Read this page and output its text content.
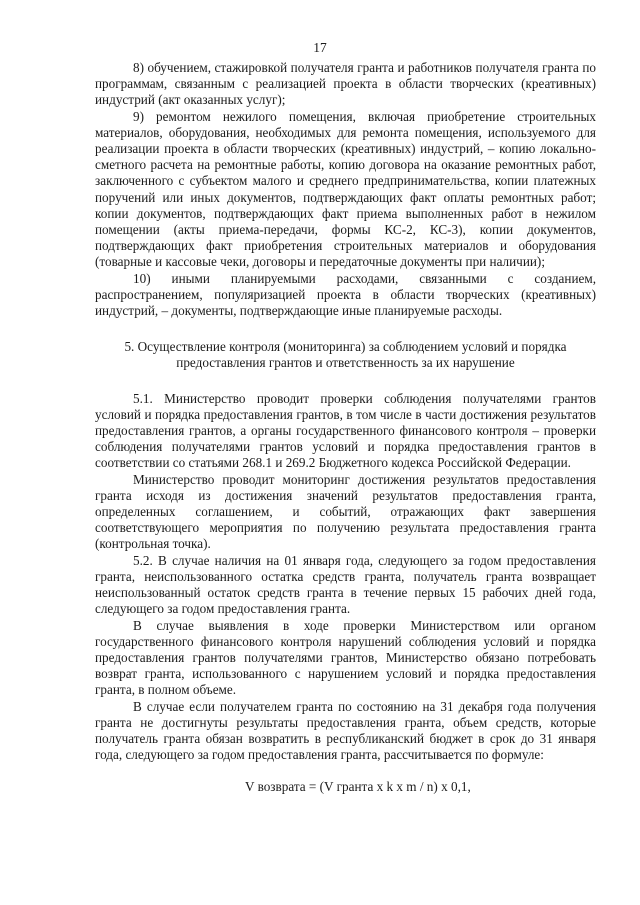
17

8) обучением, стажировкой получателя гранта и работников получателя гранта по программам, связанным с реализацией проекта в области творческих (креативных) индустрий (акт оказанных услуг);

9) ремонтом нежилого помещения, включая приобретение строительных материалов, оборудования, необходимых для ремонта помещения, используемого для реализации проекта в области творческих (креативных) индустрий, – копию локально-сметного расчета на ремонтные работы, копию договора на оказание ремонтных работ, заключенного с субъектом малого и среднего предпринимательства, копии платежных поручений или иных документов, подтверждающих факт оплаты ремонтных работ; копии документов, подтверждающих факт приема выполненных работ в нежилом помещении (акты приема-передачи, формы КС-2, КС-3), копии документов, подтверждающих факт приобретения строительных материалов и оборудования (товарные и кассовые чеки, договоры и передаточные документы при наличии);

10) иными планируемыми расходами, связанными с созданием, распространением, популяризацией проекта в области творческих (креативных) индустрий, – документы, подтверждающие иные планируемые расходы.

5. Осуществление контроля (мониторинга) за соблюдением условий и порядка предоставления грантов и ответственность за их нарушение

5.1. Министерство проводит проверки соблюдения получателями грантов условий и порядка предоставления грантов, в том числе в части достижения результатов предоставления грантов, а органы государственного финансового контроля – проверки соблюдения получателями грантов условий и порядка предоставления грантов в соответствии со статьями 268.1 и 269.2 Бюджетного кодекса Российской Федерации.

Министерство проводит мониторинг достижения результатов предоставления гранта исходя из достижения значений результатов предоставления гранта, определенных соглашением, и событий, отражающих факт завершения соответствующего мероприятия по получению результата предоставления гранта (контрольная точка).

5.2. В случае наличия на 01 января года, следующего за годом предоставления гранта, неиспользованного остатка средств гранта, получатель гранта возвращает неиспользованный остаток средств гранта в течение первых 15 рабочих дней года, следующего за годом предоставления гранта.

В случае выявления в ходе проверки Министерством или органом государственного финансового контроля нарушений соблюдения условий и порядка предоставления грантов получателями грантов, Министерство обязано потребовать возврат гранта, использованного с нарушением условий и порядка предоставления гранта, в полном объеме.

В случае если получателем гранта по состоянию на 31 декабря года получения гранта не достигнуты результаты предоставления гранта, объем средств, которые получатель гранта обязан возвратить в республиканский бюджет в срок до 31 января года, следующего за годом предоставления гранта, рассчитывается по формуле:

V возврата = (V гранта x k x m / n) x 0,1,
